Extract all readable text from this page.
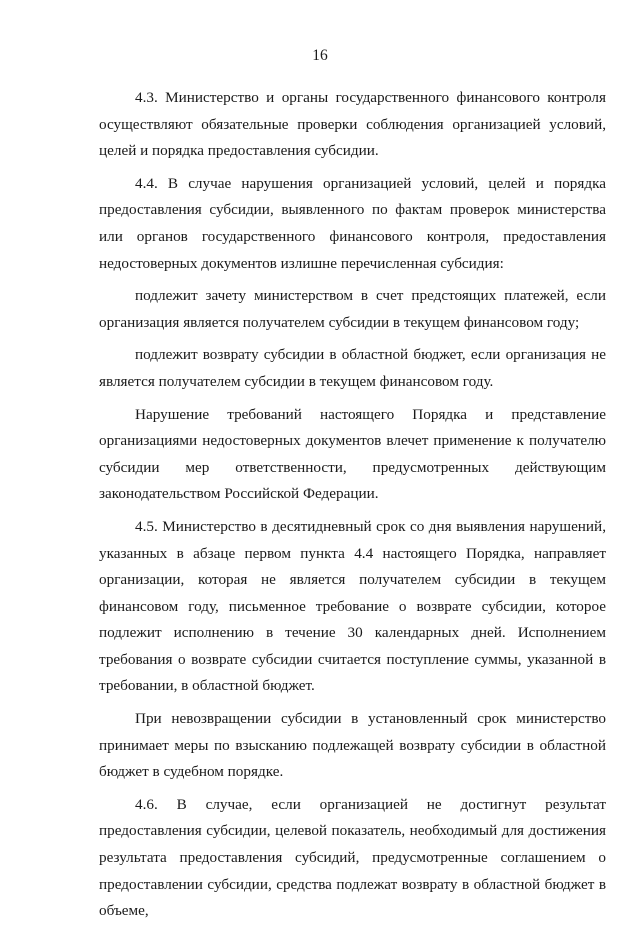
16

4.3. Министерство и органы государственного финансового контроля осуществляют обязательные проверки соблюдения организацией условий, целей и порядка предоставления субсидии.

4.4. В случае нарушения организацией условий, целей и порядка предоставления субсидии, выявленного по фактам проверок министерства или органов государственного финансового контроля, предоставления недостоверных документов излишне перечисленная субсидия:

подлежит зачету министерством в счет предстоящих платежей, если организация является получателем субсидии в текущем финансовом году;

подлежит возврату субсидии в областной бюджет, если организация не является получателем субсидии в текущем финансовом году.

Нарушение требований настоящего Порядка и представление организациями недостоверных документов влечет применение к получателю субсидии мер ответственности, предусмотренных действующим законодательством Российской Федерации.

4.5. Министерство в десятидневный срок со дня выявления нарушений, указанных в абзаце первом пункта 4.4 настоящего Порядка, направляет организации, которая не является получателем субсидии в текущем финансовом году, письменное требование о возврате субсидии, которое подлежит исполнению в течение 30 календарных дней. Исполнением требования о возврате субсидии считается поступление суммы, указанной в требовании, в областной бюджет.

При невозвращении субсидии в установленный срок министерство принимает меры по взысканию подлежащей возврату субсидии в областной бюджет в судебном порядке.

4.6. В случае, если организацией не достигнут результат предоставления субсидии, целевой показатель, необходимый для достижения результата предоставления субсидий, предусмотренные соглашением о предоставлении субсидии, средства подлежат возврату в областной бюджет в объеме,
